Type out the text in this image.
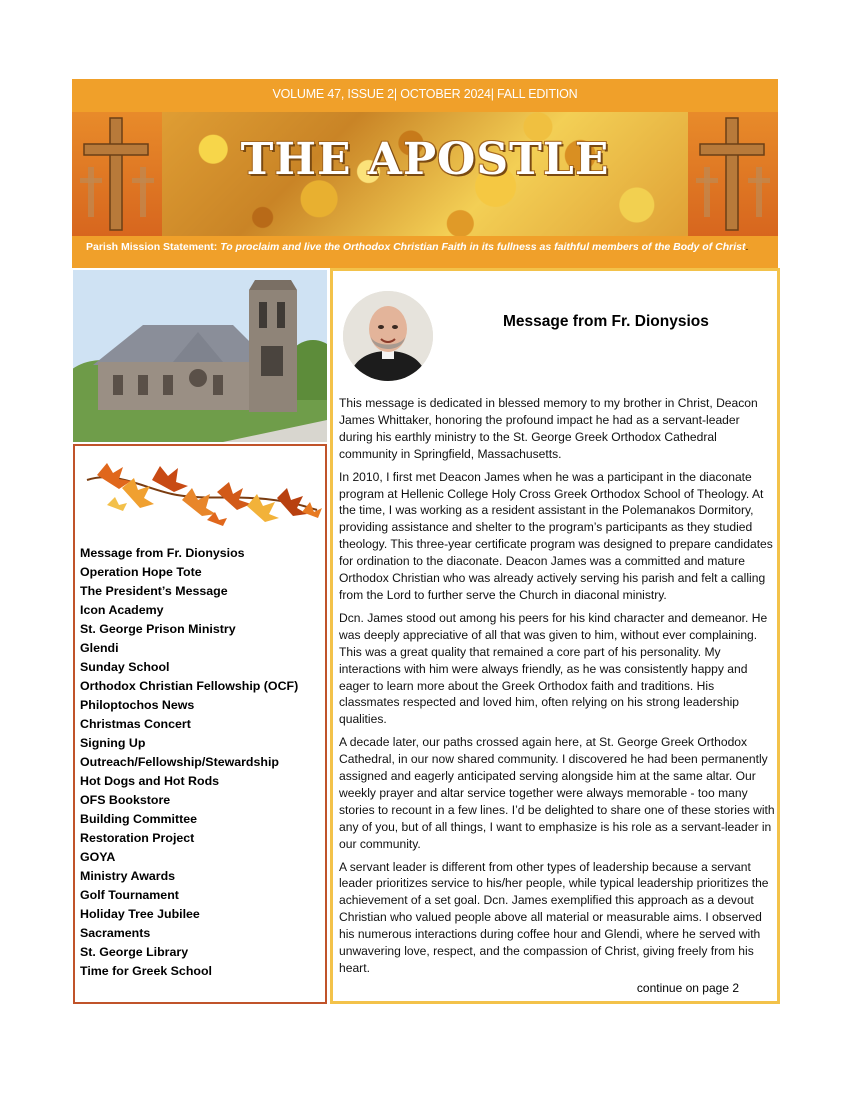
VOLUME 47, ISSUE 2| OCTOBER 2024| FALL EDITION
THE APOSTLE
Parish Mission Statement: To proclaim and live the Orthodox Christian Faith in its fullness as faithful members of the Body of Christ.
Message from Fr. Dionysios
Operation Hope Tote
The President’s Message
Icon Academy
St. George Prison Ministry
Glendi
Sunday School
Orthodox Christian Fellowship (OCF)
Philoptochos News
Christmas Concert
Signing Up
Outreach/Fellowship/Stewardship
Hot Dogs and Hot Rods
OFS Bookstore
Building Committee
Restoration Project
GOYA
Ministry Awards
Golf Tournament
Holiday Tree Jubilee
Sacraments
St. George Library
Time for Greek School
Message from Fr. Dionysios

This message is dedicated in blessed memory to my brother in Christ, Deacon James Whittaker, honoring the profound impact he had as a servant-leader during his earthly ministry to the St. George Greek Orthodox Cathedral community in Springfield, Massachusetts.

In 2010, I first met Deacon James when he was a participant in the diaconate program at Hellenic College Holy Cross Greek Orthodox School of Theology. At the time, I was working as a resident assistant in the Polemanakos Dormitory, providing assistance and shelter to the program’s participants as they studied theology. This three-year certificate program was designed to prepare candidates for ordination to the diaconate. Deacon James was a committed and mature Orthodox Christian who was already actively serving his parish and felt a calling from the Lord to further serve the Church in diaconal ministry.

Dcn. James stood out among his peers for his kind character and demeanor. He was deeply appreciative of all that was given to him, without ever complaining. This was a great quality that remained a core part of his personality. My interactions with him were always friendly, as he was consistently happy and eager to learn more about the Greek Orthodox faith and traditions. His classmates respected and loved him, often relying on his strong leadership qualities.

A decade later, our paths crossed again here, at St. George Greek Orthodox Cathedral, in our now shared community. I discovered he had been permanently assigned and eagerly anticipated serving alongside him at the same altar. Our weekly prayer and altar service together were always memorable - too many stories to recount in a few lines. I’d be delighted to share one of these stories with any of you, but of all things, I want to emphasize is his role as a servant-leader in our community.

A servant leader is different from other types of leadership because a servant leader prioritizes service to his/her people, while typical leadership prioritizes the achievement of a set goal. Dcn. James exemplified this approach as a devout Christian who valued people above all material or measurable aims. I observed his numerous interactions during coffee hour and Glendi, where he served with unwavering love, respect, and the compassion of Christ, giving freely from his heart.

continue on page 2
